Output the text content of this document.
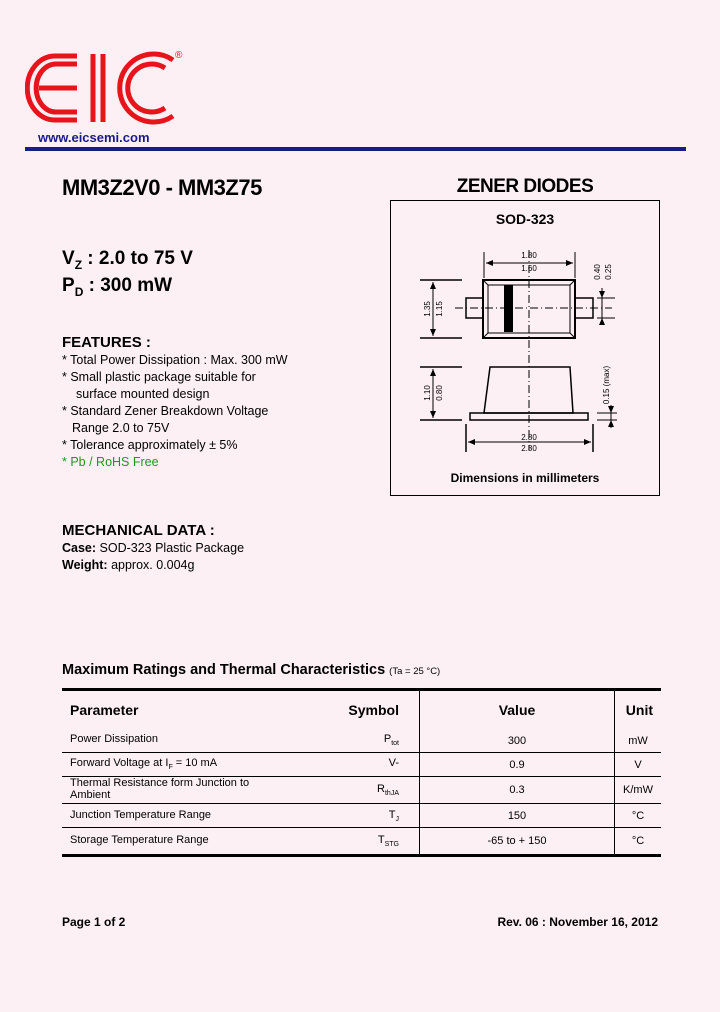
®
www.eicsemi.com
MM3Z2V0 - MM3Z75
$V_Z$ : 2.0 to 75 V
$P_D$ : 300 mW
FEATURES :
* Total Power Dissipation : Max. 300 mW
* Small plastic package suitable for
surface mounted design
* Standard Zener Breakdown Voltage
Range 2.0 to 75V
* Tolerance approximately ± 5%
* Pb / RoHS Free
MECHANICAL DATA :
Case: SOD-323 Plastic Package
Weight: approx. 0.004g
ZENER DIODES
SOD-323
1.80
1.60
1.35 1.15
0.40 0.25
1.10 0.80	0.15 (max)
2.80
2.30
Dimensions in millimeters
Maximum Ratings and Thermal Characteristics (Ta = 25 °C)
Parameter	Symbol	Value	Unit
Power Dissipation	$P_{tot}$	300	mW
Forward Voltage at $I_F = 10$ mA	V-	0.9	V
Thermal Resistance form Junction to Ambient	$R_{thJA}$	0.3	K/mW
Junction Temperature Range	$T_J$	150	°C
Storage Temperature Range	$T_{STG}$	-65 to + 150	°C
Page 1 of 2	Rev. 06 : November 16, 2012
